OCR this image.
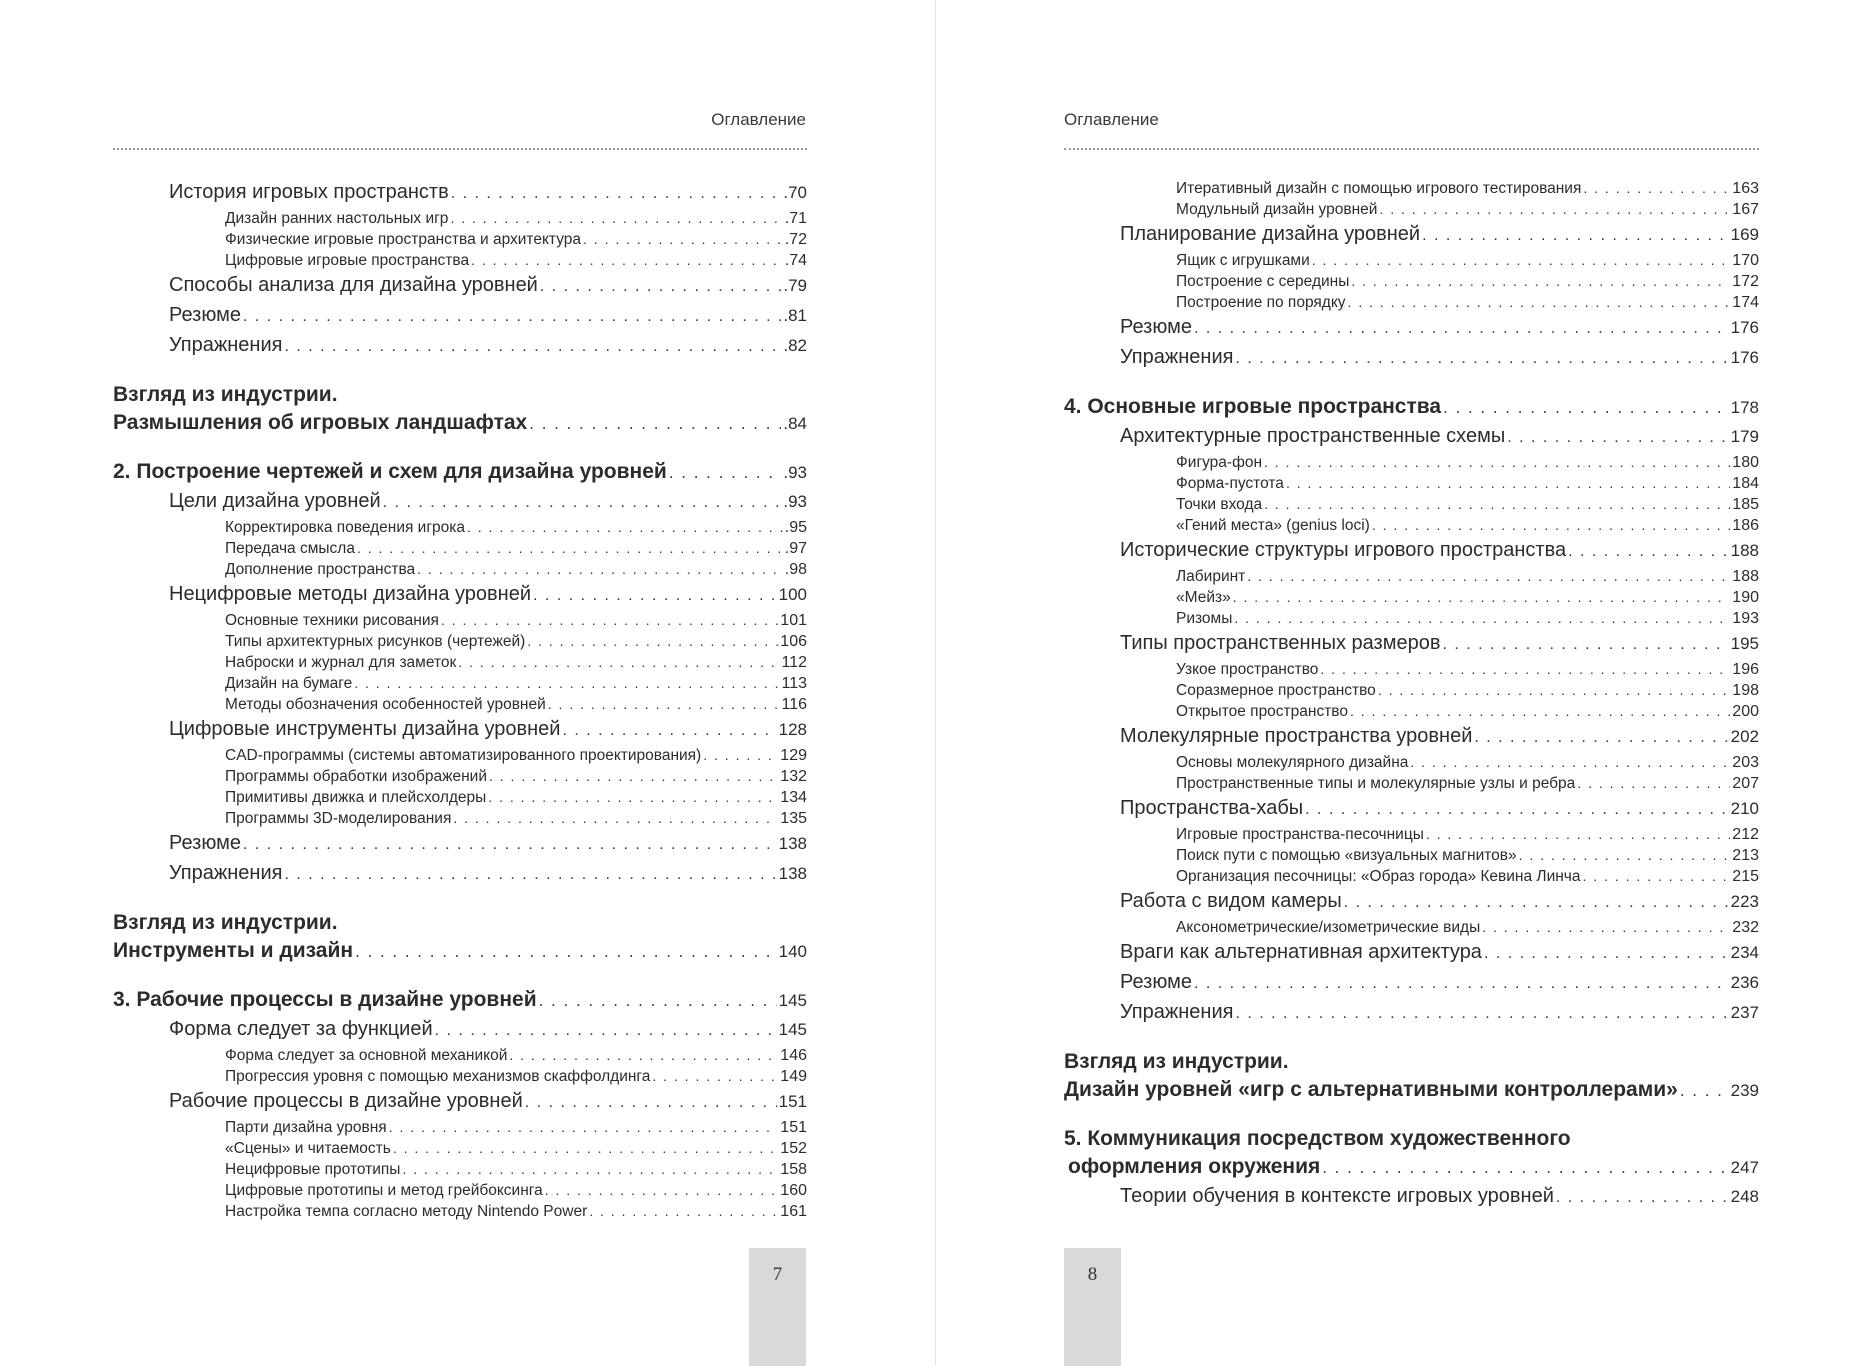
Оглавление
История игровых пространств . . .	.70
Дизайн ранних настольных игр . . .	.71
Физические игровые пространства и архитектура . . .	.72
Цифровые игровые пространства . . .	.74
Способы анализа для дизайна уровней . . .	.79
Резюме . . .	.81
Упражнения . . .	.82
Взгляд из индустрии.
Размышления об игровых ландшафтах . . .	.84
2. Построение чертежей и схем для дизайна уровней . . .	.93
Цели дизайна уровней . . .	.93
Корректировка поведения игрока . . .	.95
Передача смысла . . .	.97
Дополнение пространства . . .	.98
Нецифровые методы дизайна уровней . . .	100
Основные техники рисования . . .	101
Типы архитектурных рисунков (чертежей) . . .	106
Наброски и журнал для заметок . . .	112
Дизайн на бумаге . . .	113
Методы обозначения особенностей уровней . . .	116
Цифровые инструменты дизайна уровней . . .	128
CAD-программы (системы автоматизированного проектирования) . . .	129
Программы обработки изображений . . .	132
Примитивы движка и плейсхолдеры . . .	134
Программы 3D-моделирования . . .	135
Резюме . . .	138
Упражнения . . .	138
Взгляд из индустрии.
Инструменты и дизайн . . .	140
3. Рабочие процессы в дизайне уровней . . .	145
Форма следует за функцией . . .	145
Форма следует за основной механикой . . .	146
Прогрессия уровня с помощью механизмов скаффолдинга . . .	149
Рабочие процессы в дизайне уровней . . .	151
Парти дизайна уровня . . .	151
«Сцены» и читаемость . . .	152
Нецифровые прототипы . . .	158
Цифровые прототипы и метод грейбоксинга . . .	160
Настройка темпа согласно методу Nintendo Power . . .	161
7
Оглавление
Итеративный дизайн с помощью игрового тестирования . . .	163
Модульный дизайн уровней . . .	167
Планирование дизайна уровней . . .	169
Ящик с игрушками . . .	170
Построение с середины . . .	172
Построение по порядку . . .	174
Резюме . . .	176
Упражнения . . .	176
4. Основные игровые пространства . . .	178
Архитектурные пространственные схемы . . .	179
Фигура-фон . . .	180
Форма-пустота . . .	184
Точки входа . . .	185
«Гений места» (genius loci) . . .	186
Исторические структуры игрового пространства . . .	188
Лабиринт . . .	188
«Мейз» . . .	190
Ризомы . . .	193
Типы пространственных размеров . . .	195
Узкое пространство . . .	196
Соразмерное пространство . . .	198
Открытое пространство . . .	200
Молекулярные пространства уровней . . .	202
Основы молекулярного дизайна . . .	203
Пространственные типы и молекулярные узлы и ребра . . .	207
Пространства-хабы . . .	210
Игровые пространства-песочницы . . .	212
Поиск пути с помощью «визуальных магнитов» . . .	213
Организация песочницы: «Образ города» Кевина Линча . . .	215
Работа с видом камеры . . .	223
Аксонометрические/изометрические виды . . .	232
Враги как альтернативная архитектура . . .	234
Резюме . . .	236
Упражнения . . .	237
Взгляд из индустрии.
Дизайн уровней «игр с альтернативными контроллерами» . . .	239
5. Коммуникация посредством художественного
оформления окружения . . .	247
Теории обучения в контексте игровых уровней . . .	248
8
